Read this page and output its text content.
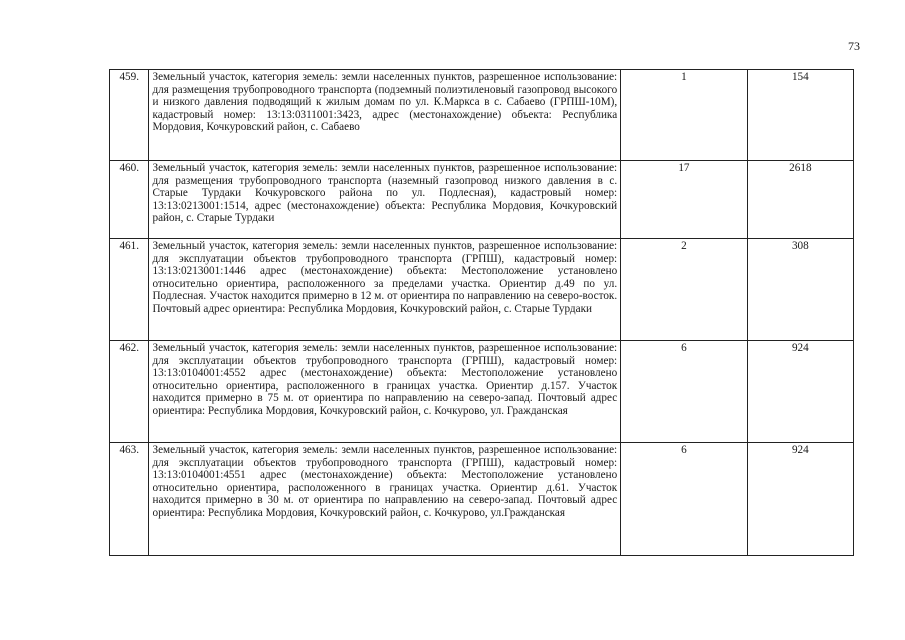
73
459.	Земельный участок, категория земель: земли населенных пунктов, разрешенное использование: для размещения трубопроводного транспорта (подземный полиэтиленовый газопровод высокого и низкого давления подводящий к жилым домам по ул. К.Маркса в с. Сабаево (ГРПШ-10М), кадастровый номер: 13:13:0311001:3423, адрес (местонахождение) объекта: Республика Мордовия, Кочкуровский район, с. Сабаево	1	154
460.	Земельный участок, категория земель: земли населенных пунктов, разрешенное использование: для размещения трубопроводного транспорта (наземный газопровод низкого давления в с. Старые Турдаки Кочкуровского района по ул. Подлесная), кадастровый номер: 13:13:0213001:1514, адрес (местонахождение) объекта: Республика Мордовия, Кочкуровский район, с. Старые Турдаки	17	2618
461.	Земельный участок, категория земель: земли населенных пунктов, разрешенное использование: для эксплуатации объектов трубопроводного транспорта (ГРПШ), кадастровый номер: 13:13:0213001:1446 адрес (местонахождение) объекта: Местоположение установлено относительно ориентира, расположенного за пределами участка. Ориентир д.49 по ул. Подлесная. Участок находится примерно в 12 м. от ориентира по направлению на северо-восток. Почтовый адрес ориентира: Республика Мордовия, Кочкуровский район, с. Старые Турдаки	2	308
462.	Земельный участок, категория земель: земли населенных пунктов, разрешенное использование: для эксплуатации объектов трубопроводного транспорта (ГРПШ), кадастровый номер: 13:13:0104001:4552 адрес (местонахождение) объекта: Местоположение установлено относительно ориентира, расположенного в границах участка. Ориентир д.157. Участок находится примерно в 75 м. от ориентира по направлению на северо-запад. Почтовый адрес ориентира: Республика Мордовия, Кочкуровский район, с. Кочкурово, ул. Гражданская	6	924
463.	Земельный участок, категория земель: земли населенных пунктов, разрешенное использование: для эксплуатации объектов трубопроводного транспорта (ГРПШ), кадастровый номер: 13:13:0104001:4551 адрес (местонахождение) объекта: Местоположение установлено относительно ориентира, расположенного в границах участка. Ориентир д.61. Участок находится примерно в 30 м. от ориентира по направлению на северо-запад. Почтовый адрес ориентира: Республика Мордовия, Кочкуровский район, с. Кочкурово, ул.Гражданская	6	924
